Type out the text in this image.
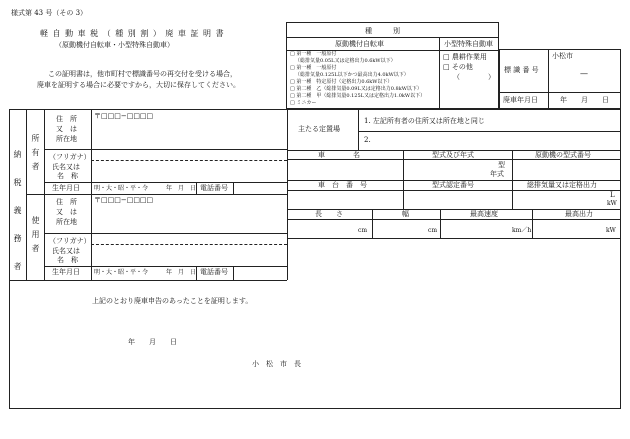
様式第 43 号（その 3）
軽 自 動 車 税 （ 種 別 割 ） 廃 車 証 明 書
（原動機付自転車・小型特殊自動車）
この証明書は，他市町村で標識番号の再交付を受ける場合，
廃車を証明する場合に必要ですから，大切に保存してください。
種　　　別
原動機付自転車	小型特殊自動車
□ 第一種　一般原付
（総排気量0.05L又は定格出力0.6kW以下）
□ 第一種　一般原付
（総排気量0.125L以下かつ最高出力4.0kW以下）
□ 第一種　特定原付（定格出力0.6kW以下）
□ 第二種　乙（総排気量0.09L又は定格出力0.8kW以下）
□ 第二種　甲（総排気量0.125L又は定格出力1.0kW以下）
□ ミニカー
□ 農耕作業用
□ その他
（　　　　）
標 識 番 号
小松市
—
廃車年月日	年　　月　　日
納　税　義　務　者 所有者
使用者
住　所
又　は
所在地
〒□□□−□□□□
（フリガナ）
氏名又は
名　称
生年月日 明・大・昭・平・令　　　年　月　日 電話番号
住　所
又　は
所在地
〒□□□−□□□□
（フリガナ）
氏名又は
名　称
生年月日 明・大・昭・平・令　　　年　月　日 電話番号
主たる定置場
1. 左記所有者の住所又は所在地と同じ
2.
車　　　　名	型式及び年式	原動機の型式番号
型
年式
車　台　番　号	型式認定番号	総排気量又は定格出力
L
kW
長　　さ	幅	最高速度	最高出力
cm	cm	km／h	kW
上記のとおり廃車申告のあったことを証明します。
年　　月　　日
小　松　市　長
